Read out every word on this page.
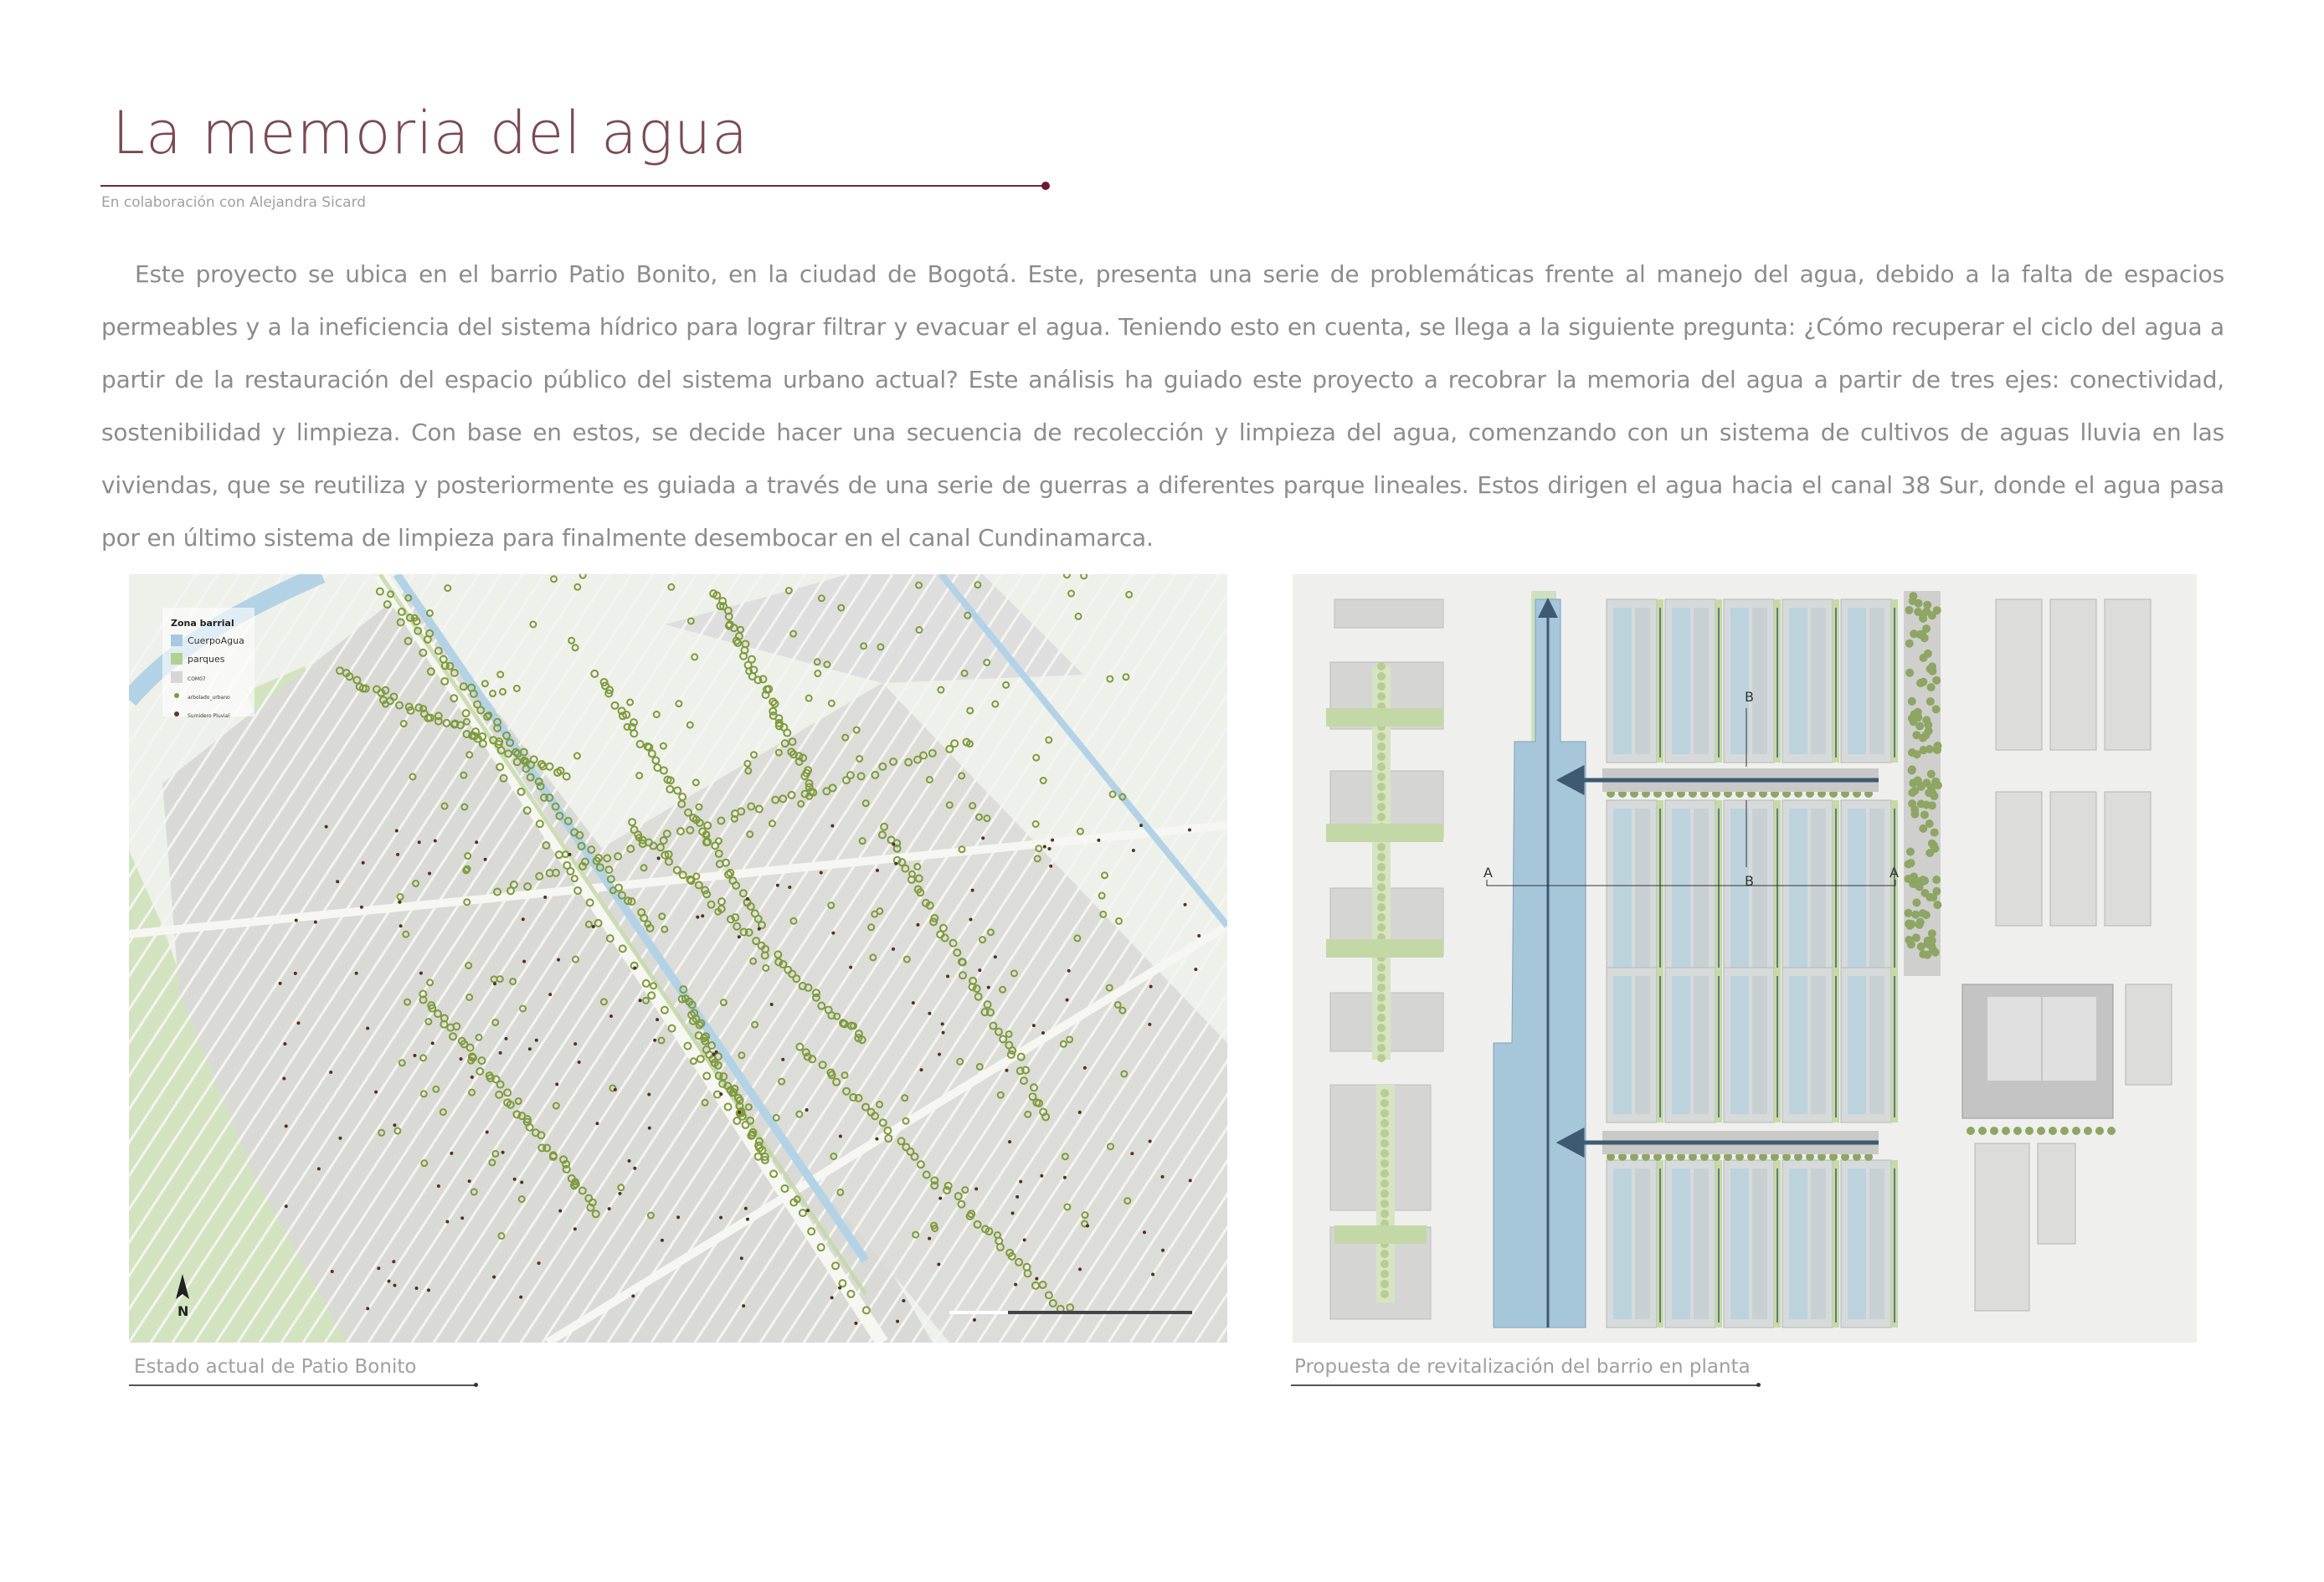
La memoria del agua
En colaboración con Alejandra Sicard

Este proyecto se ubica en el barrio Patio Bonito, en la ciudad de Bogotá. Este, presenta una serie de problemáticas frente al manejo del agua, debido a la falta de espacios permeables y a la ineficiencia del sistema hídrico para lograr filtrar y evacuar el agua. Teniendo esto en cuenta, se llega a la siguiente pregunta: ¿Cómo recuperar el ciclo del agua a partir de la restauración del espacio público del sistema urbano actual? Este análisis ha guiado este proyecto a recobrar la memoria del agua a partir de tres ejes: conectividad, sostenibilidad y limpieza. Con base en estos, se decide hacer una secuencia de recolección y limpieza del agua, comenzando con un sistema de cultivos de aguas lluvia en las viviendas, que se reutiliza y posteriormente es guiada a través de una serie de guerras a diferentes parque lineales. Estos dirigen el agua hacia el canal 38 Sur, donde el agua pasa por en último sistema de limpieza para finalmente desembocar en el canal Cundinamarca.

Zona barrial
CuerpoAgua
parques
COM07
arbolado_urbano
Sumidero Pluvial
N
Estado actual de Patio Bonito
A	A
B
B
Propuesta de revitalización del barrio en planta
